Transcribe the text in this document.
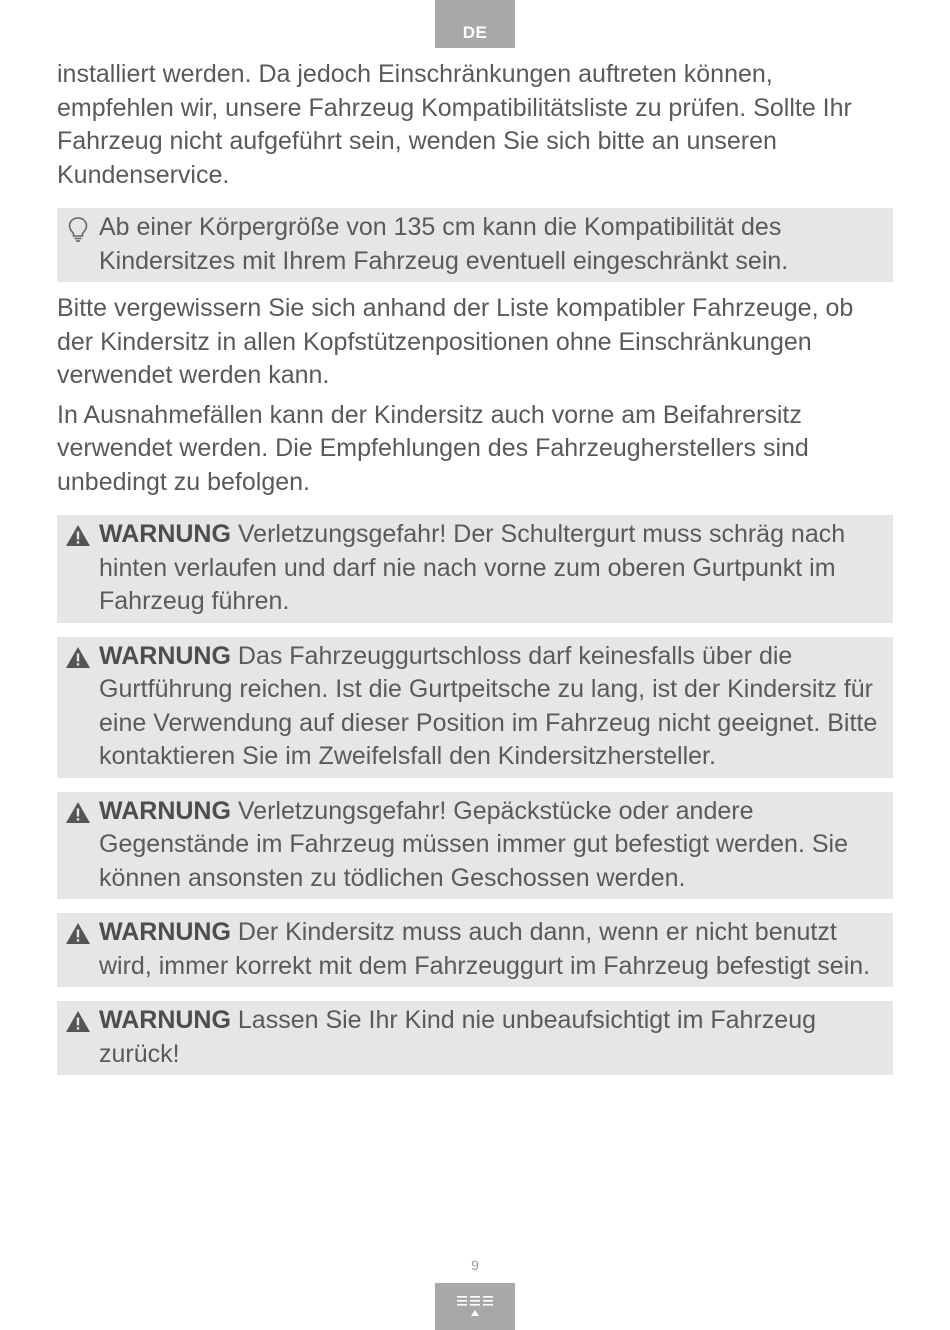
DE

installiert werden. Da jedoch Einschränkungen auftreten können, empfehlen wir, unsere Fahrzeug Kompatibilitätsliste zu prüfen. Sollte Ihr Fahrzeug nicht aufgeführt sein, wenden Sie sich bitte an unseren Kundenservice.

Ab einer Körpergröße von 135 cm kann die Kompatibilität des Kindersitzes mit Ihrem Fahrzeug eventuell eingeschränkt sein.

Bitte vergewissern Sie sich anhand der Liste kompatibler Fahrzeuge, ob der Kindersitz in allen Kopfstützenpositionen ohne Einschränkungen verwendet werden kann.

In Ausnahmefällen kann der Kindersitz auch vorne am Beifahrersitz verwendet werden. Die Empfehlungen des Fahrzeugherstellers sind unbedingt zu befolgen.

WARNUNG Verletzungsgefahr! Der Schultergurt muss schräg nach hinten verlaufen und darf nie nach vorne zum oberen Gurtpunkt im Fahrzeug führen.
WARNUNG Das Fahrzeuggurtschloss darf keinesfalls über die Gurtführung reichen. Ist die Gurtpeitsche zu lang, ist der Kindersitz für eine Verwendung auf dieser Position im Fahrzeug nicht geeignet. Bitte kontaktieren Sie im Zweifelsfall den Kindersitzhersteller.
WARNUNG Verletzungsgefahr! Gepäckstücke oder andere Gegenstände im Fahrzeug müssen immer gut befestigt werden. Sie können ansonsten zu tödlichen Geschossen werden.
WARNUNG Der Kindersitz muss auch dann, wenn er nicht benutzt wird, immer korrekt mit dem Fahrzeuggurt im Fahrzeug befestigt sein.
WARNUNG Lassen Sie Ihr Kind nie unbeaufsichtigt im Fahrzeug zurück!
9
